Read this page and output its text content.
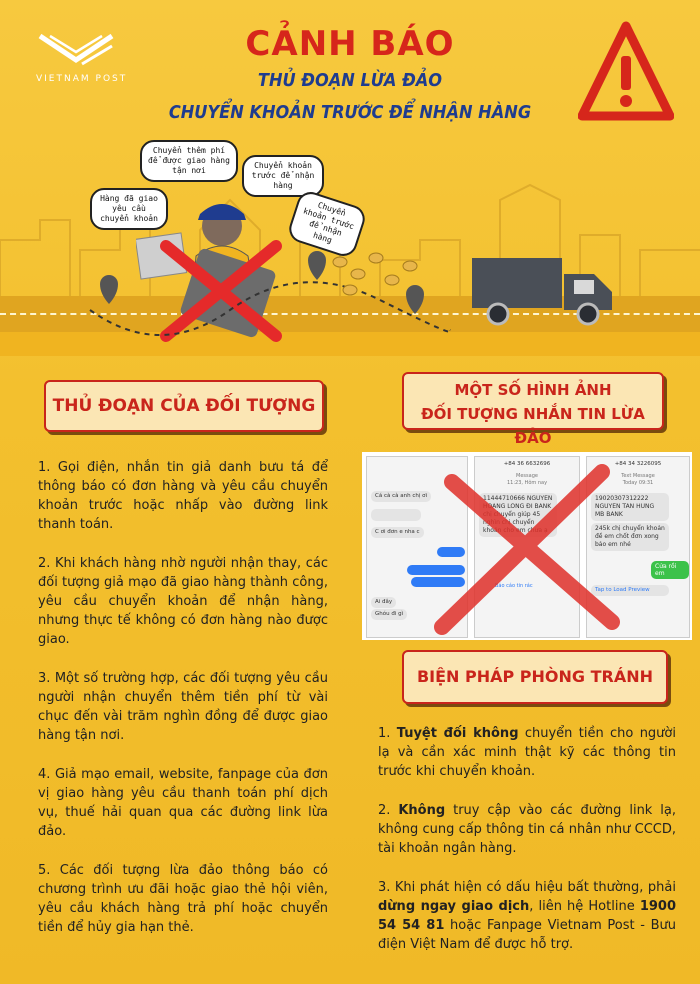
VIETNAM POST
CẢNH BÁO
THỦ ĐOẠN LỪA ĐẢO
CHUYỂN KHOẢN TRƯỚC ĐỂ NHẬN HÀNG
Chuyển thêm phí để được giao hàng tận nơi
Chuyển khoản trước để nhận hàng
Hàng đã giao yêu cầu chuyển khoản
Chuyển khoản trước để nhận hàng
THỦ ĐOẠN CỦA ĐỐI TƯỢNG

1. Gọi điện, nhắn tin giả danh bưu tá để thông báo có đơn hàng và yêu cầu chuyển khoản trước hoặc nhấp vào đường link thanh toán.

2. Khi khách hàng nhờ người nhận thay, các đối tượng giả mạo đã giao hàng thành công, yêu cầu chuyển khoản để nhận hàng, nhưng thực tế không có đơn hàng nào được giao.

3. Một số trường hợp, các đối tượng yêu cầu người nhận chuyển thêm tiền phí từ vài chục đến vài trăm nghìn đồng để được giao hàng tận nơi.

4. Giả mạo email, website, fanpage của đơn vị giao hàng yêu cầu thanh toán phí dịch vụ, thuế hải quan qua các đường link lừa đảo.

5. Các đối tượng lừa đảo thông báo có chương trình ưu đãi hoặc giao thẻ hội viên, yêu cầu khách hàng trả phí hoặc chuyển tiền để hủy gia hạn thẻ.

MỘT SỐ HÌNH ẢNH
ĐỐI TƯỢNG NHẮN TIN LỪA ĐẢO
Cá cà cà anh chị ơi
C ơi đơn e nha c
Ai đây
Ghóu đi gì
+84 36 6632696
Message
11:23, Hôm nay
11444710666 NGUYEN HOANG LONG ĐI BANK chị chuyển giúp 45 nghìn chị chuyển khoản cho em chưa ạ
Báo cáo tin rác
+84 34 3226095
Text Message
Today 09:31
19020307312222 NGUYEN TAN HUNG MB BANK
245k chị chuyển khoản đề em chốt đơn xong bảo em nhé
Cửa rồi em
Tap to Load Preview
BIỆN PHÁP PHÒNG TRÁNH

1. Tuyệt đối không chuyển tiền cho người lạ và cần xác minh thật kỹ các thông tin trước khi chuyển khoản.

2. Không truy cập vào các đường link lạ, không cung cấp thông tin cá nhân như CCCD, tài khoản ngân hàng.

3. Khi phát hiện có dấu hiệu bất thường, phải dừng ngay giao dịch, liên hệ Hotline 1900 54 54 81 hoặc Fanpage Vietnam Post - Bưu điện Việt Nam để được hỗ trợ.
